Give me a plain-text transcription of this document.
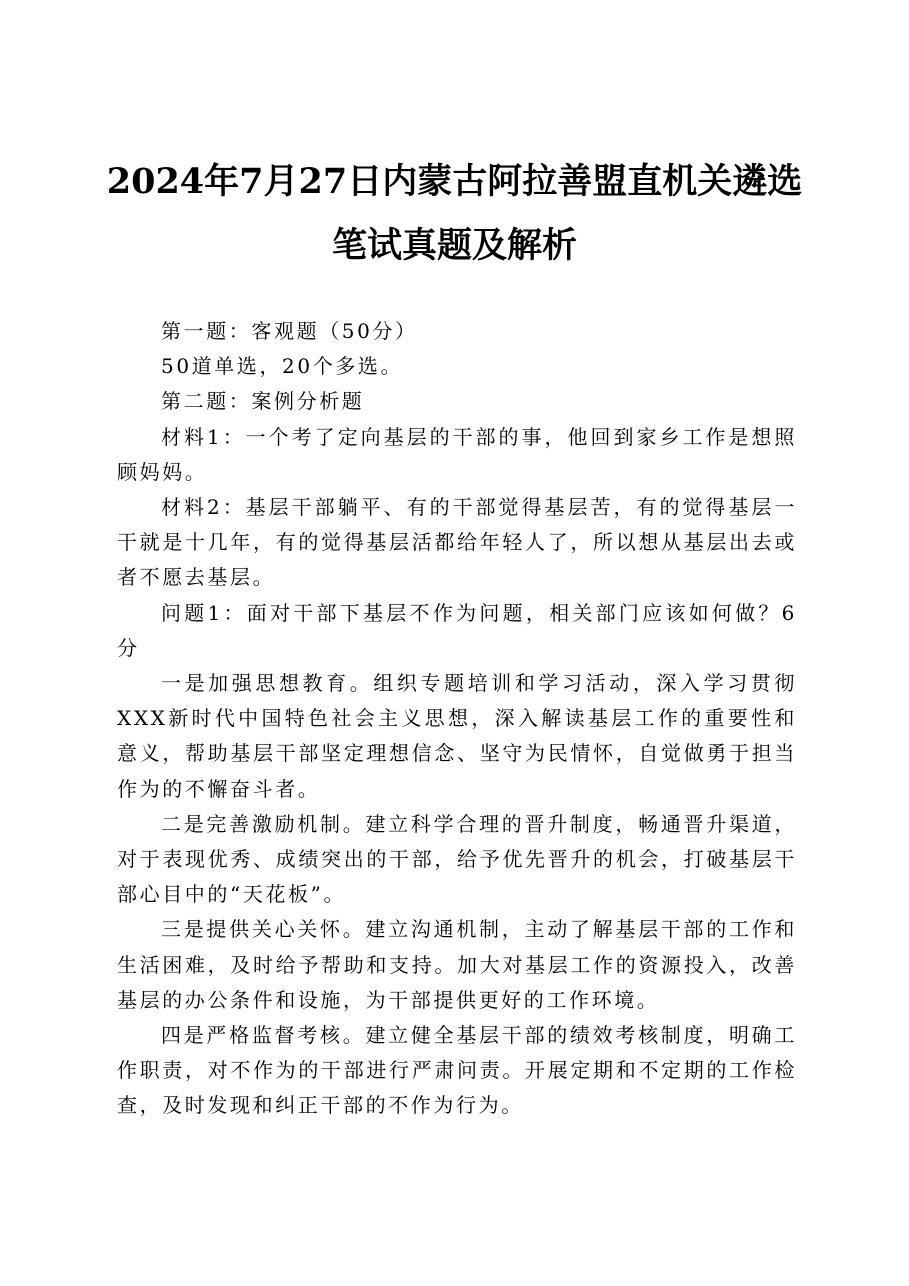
2024年7月27日内蒙古阿拉善盟直机关遴选
笔试真题及解析

第一题：客观题（50分）

50道单选，20个多选。

第二题：案例分析题

材料1：一个考了定向基层的干部的事，他回到家乡工作是想照顾妈妈。

材料2：基层干部躺平、有的干部觉得基层苦，有的觉得基层一干就是十几年，有的觉得基层活都给年轻人了，所以想从基层出去或者不愿去基层。

问题1：面对干部下基层不作为问题，相关部门应该如何做？6分

一是加强思想教育。组织专题培训和学习活动，深入学习贯彻XXX新时代中国特色社会主义思想，深入解读基层工作的重要性和意义，帮助基层干部坚定理想信念、坚守为民情怀，自觉做勇于担当作为的不懈奋斗者。

二是完善激励机制。建立科学合理的晋升制度，畅通晋升渠道，对于表现优秀、成绩突出的干部，给予优先晋升的机会，打破基层干部心目中的“天花板”。

三是提供关心关怀。建立沟通机制，主动了解基层干部的工作和生活困难，及时给予帮助和支持。加大对基层工作的资源投入，改善基层的办公条件和设施，为干部提供更好的工作环境。

四是严格监督考核。建立健全基层干部的绩效考核制度，明确工作职责，对不作为的干部进行严肃问责。开展定期和不定期的工作检查，及时发现和纠正干部的不作为行为。
